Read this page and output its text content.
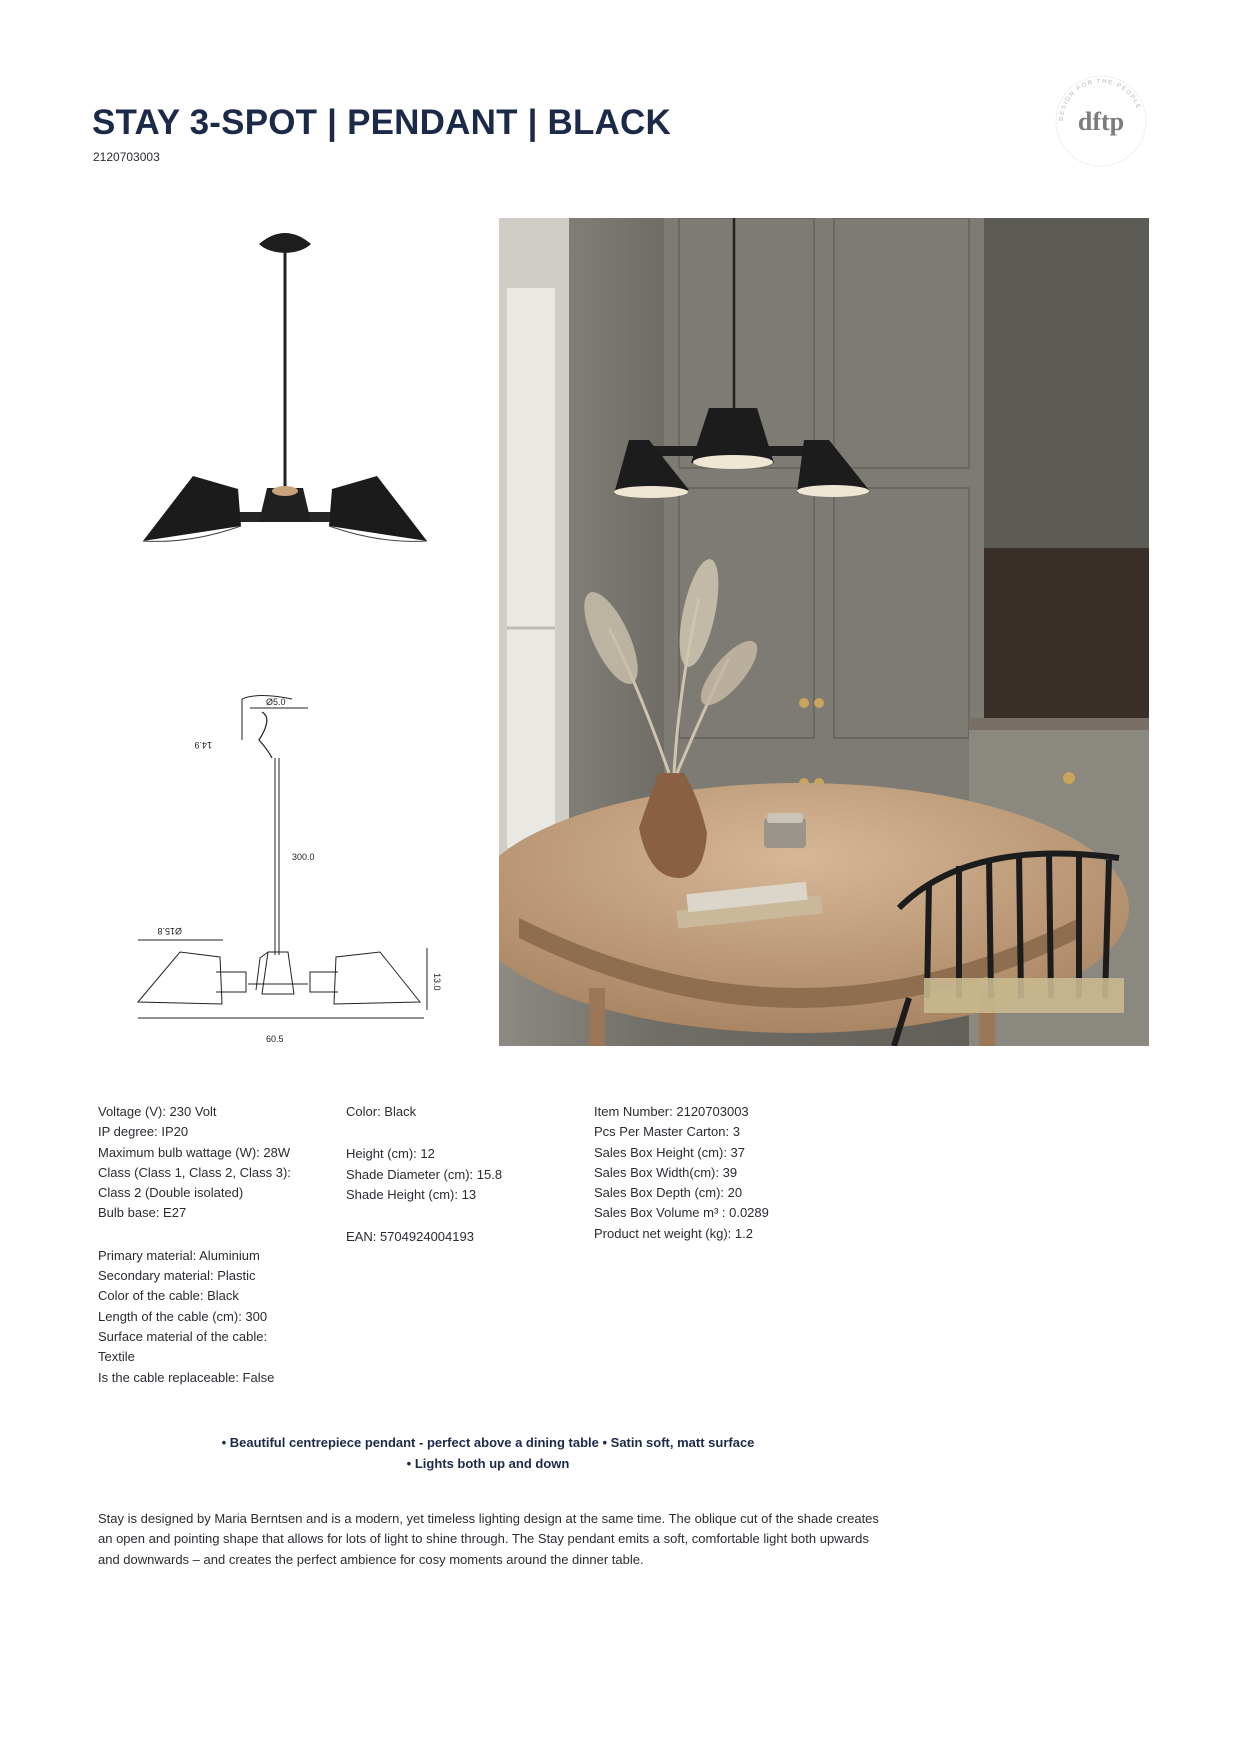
STAY 3-SPOT | PENDANT | BLACK
2120703003
DESIGN FOR THE PEOPLE
dftp
Ø5.0
14.9
300.0
Ø15.8
13.0
60.5
Voltage (V): 230 Volt
IP degree: IP20
Maximum bulb wattage (W): 28W
Class (Class 1, Class 2, Class 3):
Class 2 (Double isolated)
Bulb base: E27
Primary material: Aluminium
Secondary material: Plastic
Color of the cable: Black
Length of the cable (cm): 300
Surface material of the cable:
Textile
Is the cable replaceable: False
Color: Black
Height (cm): 12
Shade Diameter (cm): 15.8
Shade Height (cm): 13
EAN: 5704924004193
Item Number: 2120703003
Pcs Per Master Carton: 3
Sales Box Height (cm): 37
Sales Box Width(cm): 39
Sales Box Depth (cm): 20
Sales Box Volume m³ : 0.0289
Product net weight (kg): 1.2
• Beautiful centrepiece pendant - perfect above a dining table • Satin soft, matt surface
• Lights both up and down
Stay is designed by Maria Berntsen and is a modern, yet timeless lighting design at the same time. The oblique cut of the shade creates an open and pointing shape that allows for lots of light to shine through. The Stay pendant emits a soft, comfortable light both upwards and downwards – and creates the perfect ambience for cosy moments around the dinner table.
